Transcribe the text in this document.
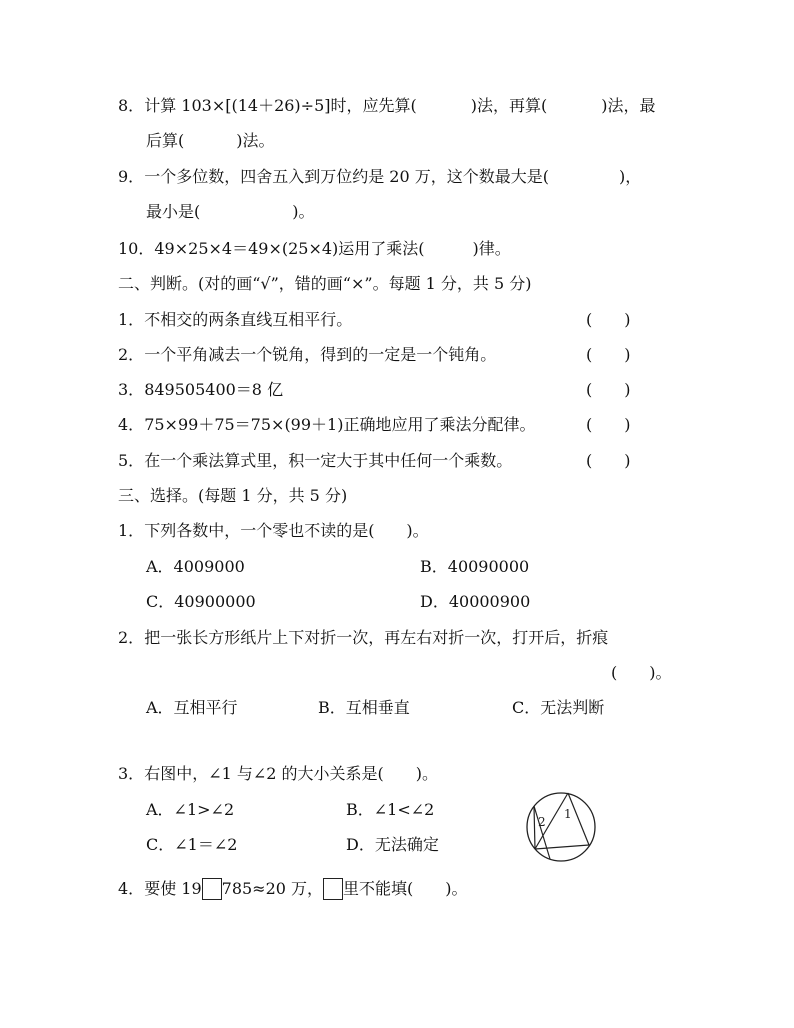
8．计算 103×[(14＋26)÷5]时，应先算(	)法，再算(	)法，最
后算(	)法。
9．一个多位数，四舍五入到万位约是 20 万，这个数最大是(	)，
最小是(	)。
10．49×25×4＝49×(25×4)运用了乘法(	)律。
二、判断。(对的画“√”，错的画“×”。每题 1 分，共 5 分)
1．不相交的两条直线互相平行。	(　　)
2．一个平角减去一个锐角，得到的一定是一个钝角。	(　　)
3．849505400＝8 亿	(　　)
4．75×99＋75＝75×(99＋1)正确地应用了乘法分配律。	(　　)
5．在一个乘法算式里，积一定大于其中任何一个乘数。	(　　)
三、选择。(每题 1 分，共 5 分)
1．下列各数中，一个零也不读的是(　　)。
A．4009000	B．40090000
C．40900000	D．40000900
2．把一张长方形纸片上下对折一次，再左右对折一次，打开后，折痕
(　　)。
A．互相平行	B．互相垂直	C．无法判断
3．右图中，∠1 与∠2 的大小关系是(　　)。
A．∠1>∠2	B．∠1<∠2
C．∠1＝∠2	D．无法确定
2
1
4．要使 19 785≈20 万， 里不能填(　　)。
